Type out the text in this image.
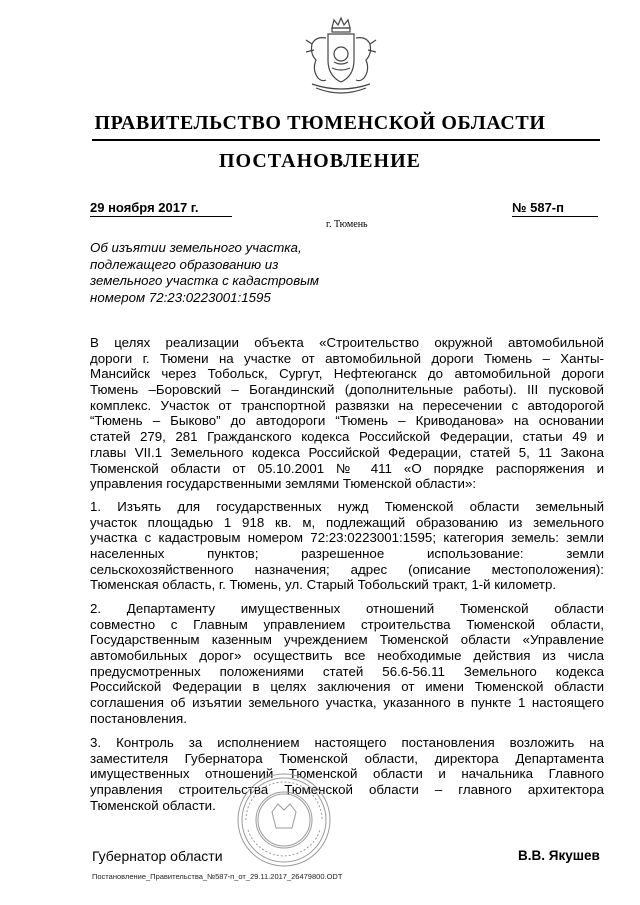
ПРАВИТЕЛЬСТВО ТЮМЕНСКОЙ ОБЛАСТИ
ПОСТАНОВЛЕНИЕ
29 ноября 2017 г.	№ 587-п
г. Тюмень
Об изъятии земельного участка,
подлежащего образованию из
земельного участка с кадастровым
номером 72:23:0223001:1595
В целях реализации объекта «Строительство окружной автомобильной
дороги г. Тюмени на участке от автомобильной дороги Тюмень – Ханты-
Мансийск через Тобольск, Сургут, Нефтеюганск до автомобильной дороги
Тюмень –Боровский – Богандинский (дополнительные работы). III пусковой
комплекс. Участок от транспортной развязки на пересечении с автодорогой
“Тюмень – Быково” до автодороги “Тюмень – Криводанова» на основании
статей 279, 281 Гражданского кодекса Российской Федерации, статьи 49 и
главы VII.1 Земельного кодекса Российской Федерации, статей 5, 11 Закона
Тюменской области от 05.10.2001 № 411 «О порядке распоряжения и
управления государственными землями Тюменской области»:
1. Изъять для государственных нужд Тюменской области земельный
участок площадью 1 918 кв. м, подлежащий образованию из земельного
участка с кадастровым номером 72:23:0223001:1595; категория земель: земли
населенных пунктов; разрешенное использование: земли
сельскохозяйственного назначения; адрес (описание местоположения):
Тюменская область, г. Тюмень, ул. Старый Тобольский тракт, 1-й километр.
2. Департаменту имущественных отношений Тюменской области
совместно с Главным управлением строительства Тюменской области,
Государственным казенным учреждением Тюменской области «Управление
автомобильных дорог» осуществить все необходимые действия из числа
предусмотренных положениями статей 56.6-56.11 Земельного кодекса
Российской Федерации в целях заключения от имени Тюменской области
соглашения об изъятии земельного участка, указанного в пункте 1 настоящего
постановления.
3. Контроль за исполнением настоящего постановления возложить на
заместителя Губернатора Тюменской области, директора Департамента
имущественных отношений Тюменской области и начальника Главного
управления строительства Тюменской области – главного архитектора
Тюменской области.
Губернатор области	В.В. Якушев
Постановление_Правительства_№587-п_от_29.11.2017_26479800.ODT
